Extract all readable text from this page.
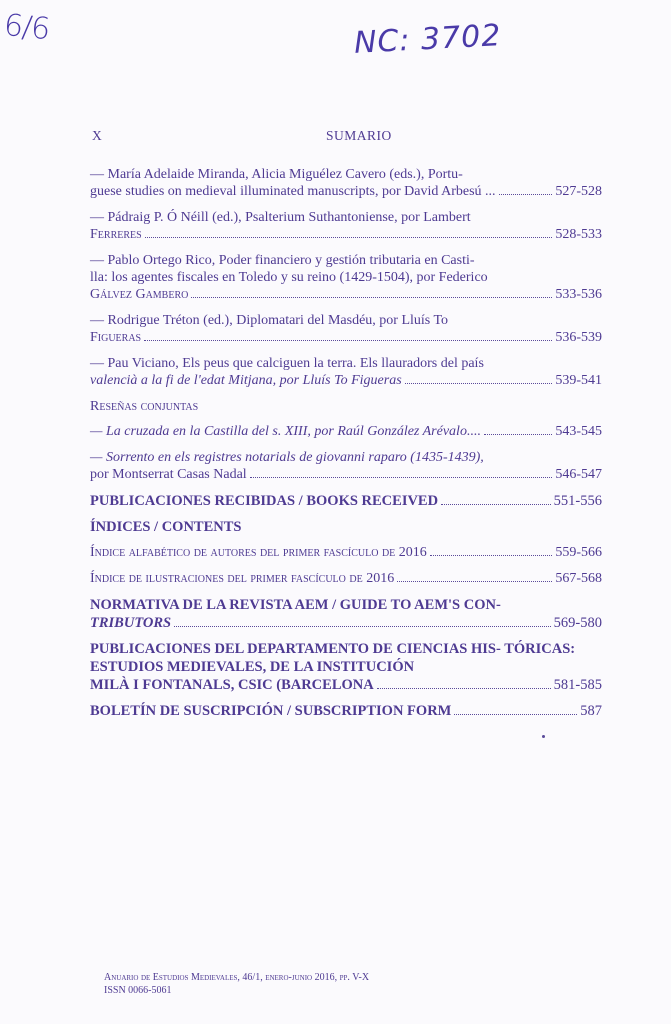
6/6	NC: 3702
X	SUMARIO
— María Adelaide Miranda, Alicia Miguélez Cavero (eds.), Portu-
guese studies on medieval illuminated manuscripts, por David Arbesú ...	527-528
— Pádraig P. Ó Néill (ed.), Psalterium Suthantoniense, por Lambert
Ferreres	528-533
— Pablo Ortego Rico, Poder financiero y gestión tributaria en Casti-
lla: los agentes fiscales en Toledo y su reino (1429-1504), por Federico
Gálvez Gambero	533-536
— Rodrigue Tréton (ed.), Diplomatari del Masdéu, por Lluís To
Figueras	536-539
— Pau Viciano, Els peus que calciguen la terra. Els llauradors del país
valencià a la fi de l'edat Mitjana, por Lluís To Figueras	539-541
Reseñas conjuntas
— La cruzada en la Castilla del s. XIII, por Raúl González Arévalo....	543-545
— Sorrento en els registres notarials de giovanni raparo (1435-1439),
por Montserrat Casas Nadal	546-547
PUBLICACIONES RECIBIDAS / BOOKS RECEIVED	551-556
ÍNDICES / CONTENTS
Índice alfabético de autores del primer fascículo de 2016	559-566
Índice de ilustraciones del primer fascículo de 2016	567-568
NORMATIVA DE LA REVISTA AEM / GUIDE TO AEM'S CON-
TRIBUTORS	569-580
PUBLICACIONES DEL DEPARTAMENTO DE CIENCIAS HIS- TÓRICAS: ESTUDIOS MEDIEVALES, DE LA INSTITUCIÓN
MILÀ I FONTANALS, CSIC (BARCELONA	581-585
BOLETÍN DE SUSCRIPCIÓN / SUBSCRIPTION FORM	587
Anuario de Estudios Medievales, 46/1, enero-junio 2016, pp. V-X
ISSN 0066-5061
